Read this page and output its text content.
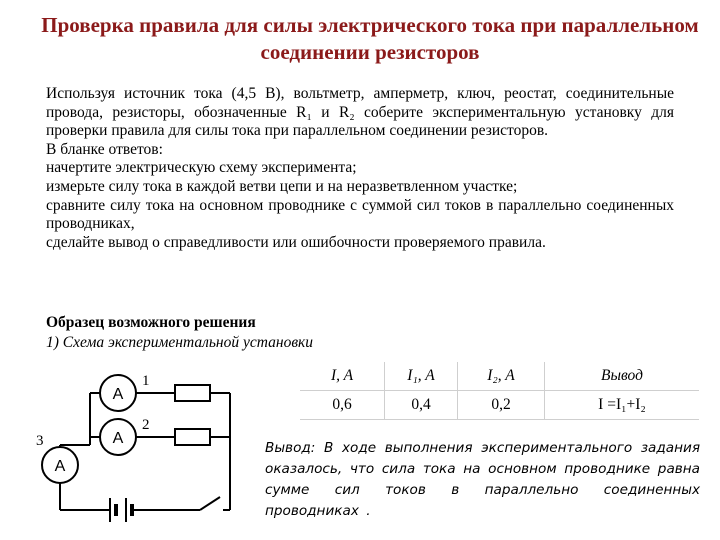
Проверка правила для силы электрического тока при параллельном соединении резисторов
Используя источник тока (4,5 В), вольтметр, амперметр, ключ, реостат, соединительные провода, резисторы, обозначенные R₁ и R₂ соберите экспериментальную установку для проверки правила для силы тока при параллельном соединении резисторов.
В бланке ответов:
начертите электрическую схему эксперимента;
измерьте силу тока в каждой ветви цепи и на неразветвленном участке;
сравните силу тока на основном проводнике с суммой сил токов в параллельно соединенных проводниках,
сделайте вывод о справедливости или ошибочности проверяемого правила.
Образец возможного решения
1) Схема экспериментальной установки
A
A
A
1
2
3
I, A	I₁, A	I₂, A	Вывод
0,6	0,4	0,2	I =I₁+I₂
Вывод: В ходе выполнения экспериментального задания оказалось, что сила тока на основном проводнике равна сумме сил токов в параллельно соединенных проводниках .
